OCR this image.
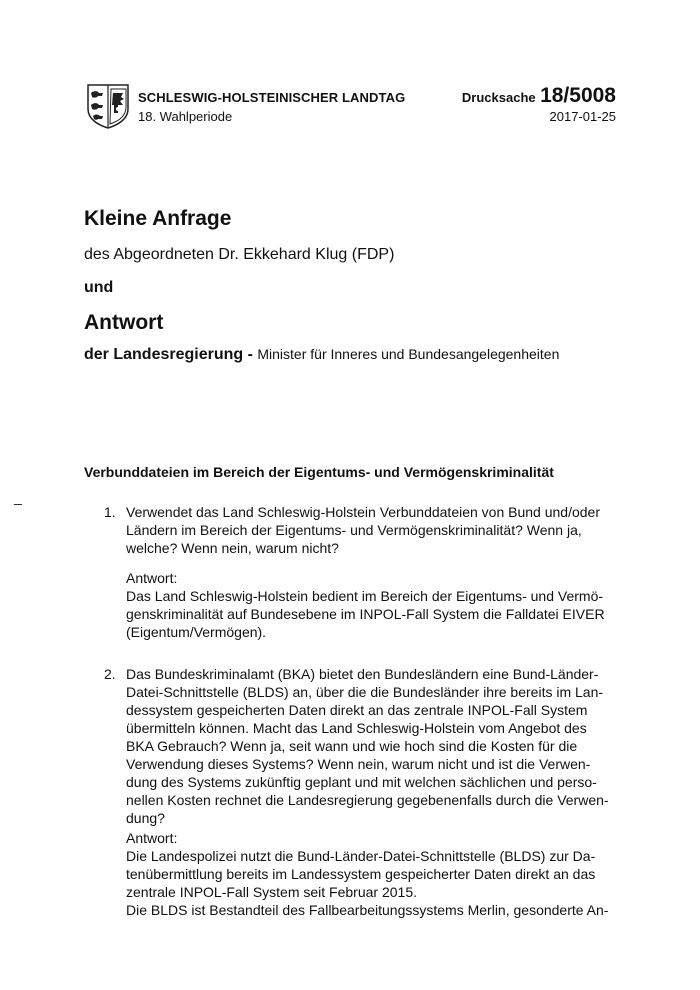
SCHLESWIG-HOLSTEINISCHER LANDTAG
18. Wahlperiode
Drucksache 18/5008
2017-01-25
Kleine Anfrage
des Abgeordneten Dr. Ekkehard Klug (FDP)
und
Antwort
der Landesregierung - Minister für Inneres und Bundesangelegenheiten
Verbunddateien im Bereich der Eigentums- und Vermögenskriminalität
_
1. Verwendet das Land Schleswig-Holstein Verbunddateien von Bund und/oder
Ländern im Bereich der Eigentums- und Vermögenskriminalität? Wenn ja,
welche? Wenn nein, warum nicht?
Antwort:
Das Land Schleswig-Holstein bedient im Bereich der Eigentums- und Vermö-
genskriminalität auf Bundesebene im INPOL-Fall System die Falldatei EIVER
(Eigentum/Vermögen).
2. Das Bundeskriminalamt (BKA) bietet den Bundesländern eine Bund-Länder-
Datei-Schnittstelle (BLDS) an, über die die Bundesländer ihre bereits im Lan-
dessystem gespeicherten Daten direkt an das zentrale INPOL-Fall System
übermitteln können. Macht das Land Schleswig-Holstein vom Angebot des
BKA Gebrauch? Wenn ja, seit wann und wie hoch sind die Kosten für die
Verwendung dieses Systems? Wenn nein, warum nicht und ist die Verwen-
dung des Systems zukünftig geplant und mit welchen sächlichen und perso-
nellen Kosten rechnet die Landesregierung gegebenenfalls durch die Verwen-
dung?
Antwort:
Die Landespolizei nutzt die Bund-Länder-Datei-Schnittstelle (BLDS) zur Da-
tenübermittlung bereits im Landessystem gespeicherter Daten direkt an das
zentrale INPOL-Fall System seit Februar 2015.
Die BLDS ist Bestandteil des Fallbearbeitungssystems Merlin, gesonderte An-
